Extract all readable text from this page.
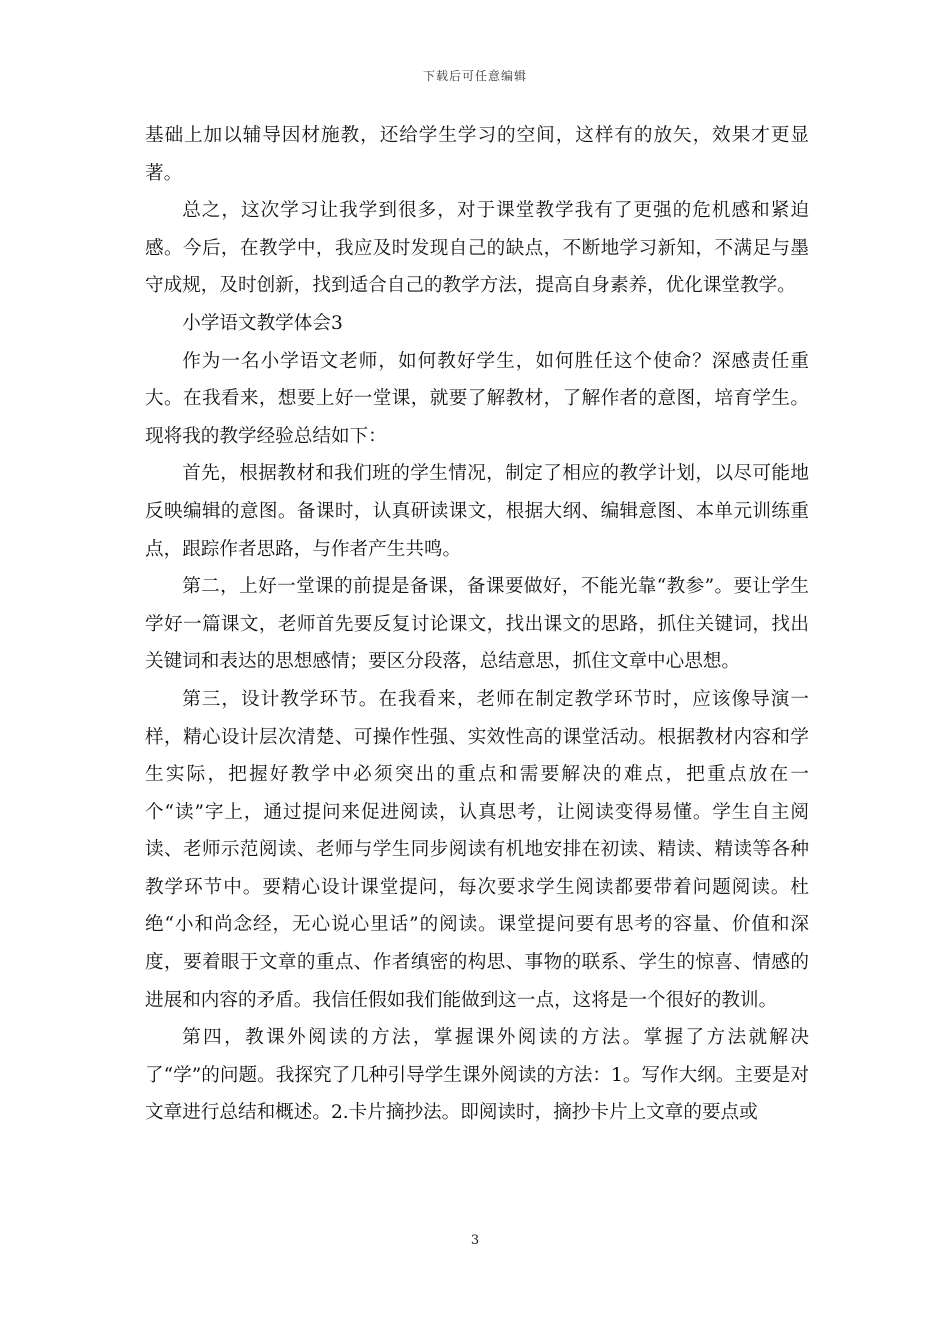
下载后可任意编辑

基础上加以辅导因材施教，还给学生学习的空间，这样有的放矢，效果才更显著。

总之，这次学习让我学到很多，对于课堂教学我有了更强的危机感和紧迫感。今后，在教学中，我应及时发现自己的缺点，不断地学习新知，不满足与墨守成规，及时创新，找到适合自己的教学方法，提高自身素养，优化课堂教学。

小学语文教学体会3

作为一名小学语文老师，如何教好学生，如何胜任这个使命？深感责任重大。在我看来，想要上好一堂课，就要了解教材，了解作者的意图，培育学生。现将我的教学经验总结如下：

首先，根据教材和我们班的学生情况，制定了相应的教学计划，以尽可能地反映编辑的意图。备课时，认真研读课文，根据大纲、编辑意图、本单元训练重点，跟踪作者思路，与作者产生共鸣。

第二，上好一堂课的前提是备课，备课要做好，不能光靠“教参”。要让学生学好一篇课文，老师首先要反复讨论课文，找出课文的思路，抓住关键词，找出关键词和表达的思想感情；要区分段落，总结意思，抓住文章中心思想。

第三，设计教学环节。在我看来，老师在制定教学环节时，应该像导演一样，精心设计层次清楚、可操作性强、实效性高的课堂活动。根据教材内容和学生实际，把握好教学中必须突出的重点和需要解决的难点，把重点放在一个“读”字上，通过提问来促进阅读，认真思考，让阅读变得易懂。学生自主阅读、老师示范阅读、老师与学生同步阅读有机地安排在初读、精读、精读等各种教学环节中。要精心设计课堂提问，每次要求学生阅读都要带着问题阅读。杜绝“小和尚念经，无心说心里话”的阅读。课堂提问要有思考的容量、价值和深度，要着眼于文章的重点、作者缜密的构思、事物的联系、学生的惊喜、情感的进展和内容的矛盾。我信任假如我们能做到这一点，这将是一个很好的教训。

第四，教课外阅读的方法，掌握课外阅读的方法。掌握了方法就解决了“学”的问题。我探究了几种引导学生课外阅读的方法：1。写作大纲。主要是对文章进行总结和概述。2.卡片摘抄法。即阅读时，摘抄卡片上文章的要点或

3
